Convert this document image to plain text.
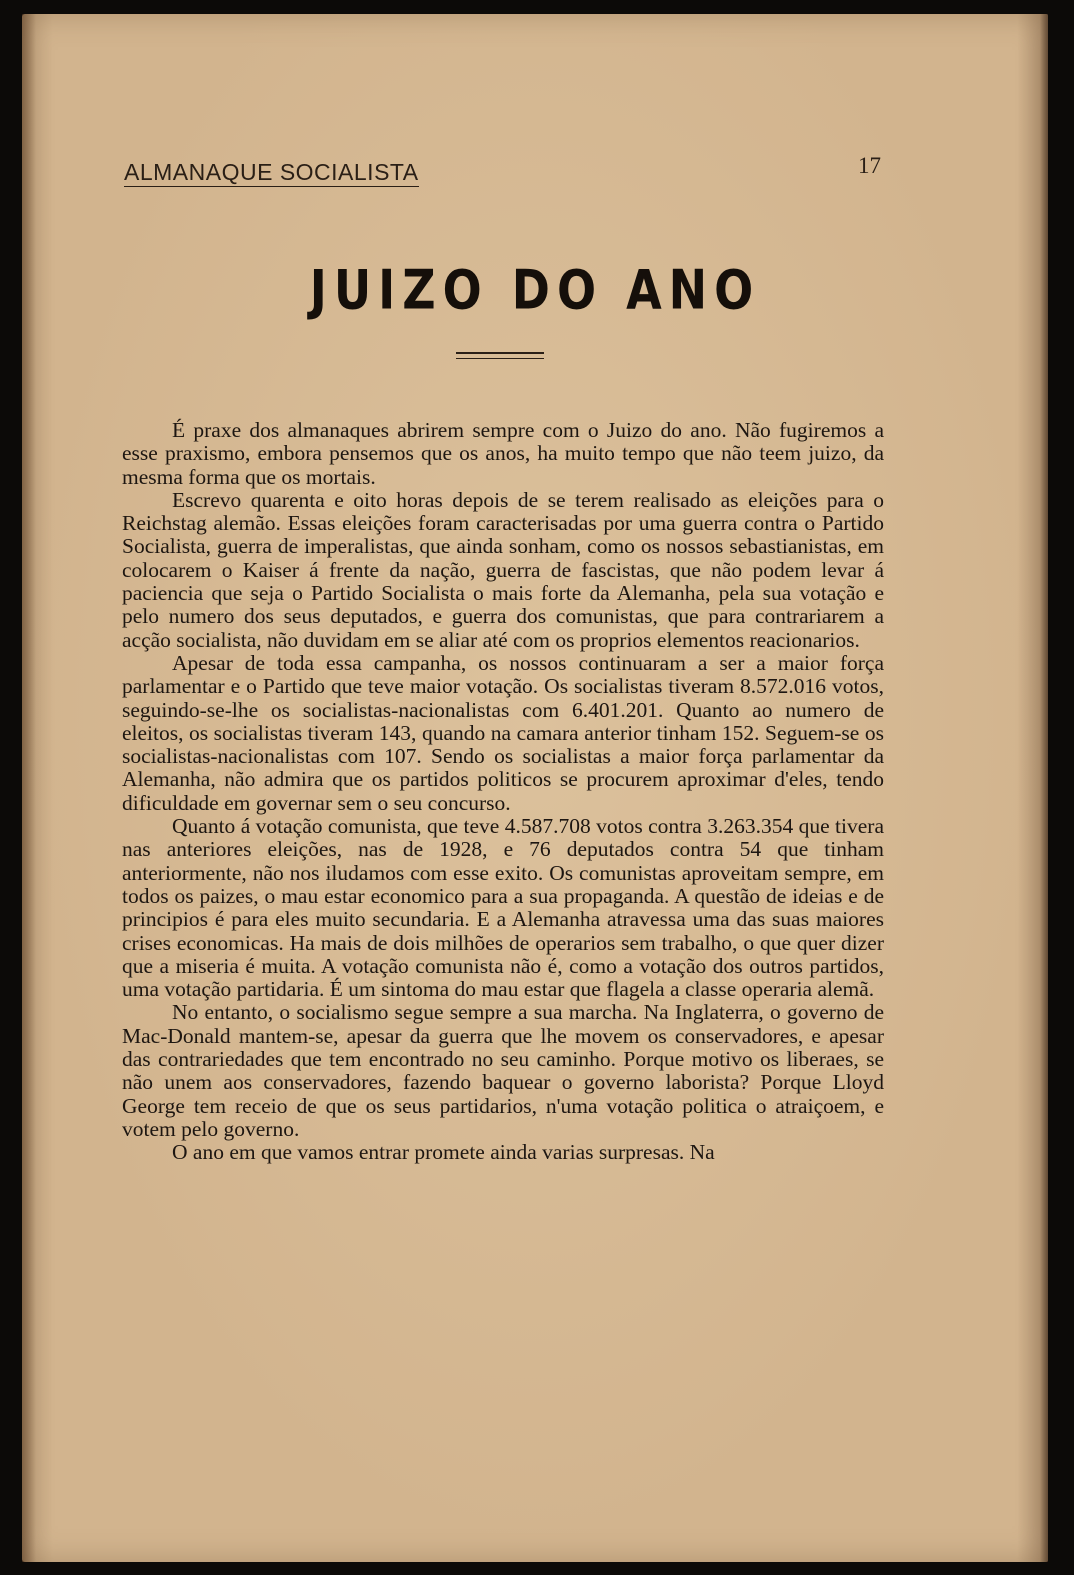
ALMANAQUE SOCIALISTA	17
JUIZO DO ANO

É praxe dos almanaques abrirem sempre com o Juizo do ano. Não fugiremos a esse praxismo, embora pensemos que os anos, ha muito tempo que não teem juizo, da mesma forma que os mortais.

Escrevo quarenta e oito horas depois de se terem realisado as eleições para o Reichstag alemão. Essas eleições foram caracterisadas por uma guerra contra o Partido Socialista, guerra de imperalistas, que ainda sonham, como os nossos sebastianistas, em colocarem o Kaiser á frente da nação, guerra de fascistas, que não podem levar á paciencia que seja o Partido Socialista o mais forte da Alemanha, pela sua votação e pelo numero dos seus deputados, e guerra dos comunistas, que para contrariarem a acção socialista, não duvidam em se aliar até com os proprios elementos reacionarios.

Apesar de toda essa campanha, os nossos continuaram a ser a maior força parlamentar e o Partido que teve maior votação. Os socialistas tiveram 8.572.016 votos, seguindo-se-lhe os socialistas-nacionalistas com 6.401.201. Quanto ao numero de eleitos, os socialistas tiveram 143, quando na camara anterior tinham 152. Seguem-se os socialistas-nacionalistas com 107. Sendo os socialistas a maior força parlamentar da Alemanha, não admira que os partidos politicos se procurem aproximar d'eles, tendo dificuldade em governar sem o seu concurso.

Quanto á votação comunista, que teve 4.587.708 votos contra 3.263.354 que tivera nas anteriores eleições, nas de 1928, e 76 deputados contra 54 que tinham anteriormente, não nos iludamos com esse exito. Os comunistas aproveitam sempre, em todos os paizes, o mau estar economico para a sua propaganda. A questão de ideias e de principios é para eles muito secundaria. E a Alemanha atravessa uma das suas maiores crises economicas. Ha mais de dois milhões de operarios sem trabalho, o que quer dizer que a miseria é muita. A votação comunista não é, como a votação dos outros partidos, uma votação partidaria. É um sintoma do mau estar que flagela a classe operaria alemã.

No entanto, o socialismo segue sempre a sua marcha. Na Inglaterra, o governo de Mac-Donald mantem-se, apesar da guerra que lhe movem os conservadores, e apesar das contrariedades que tem encontrado no seu caminho. Porque motivo os liberaes, se não unem aos conservadores, fazendo baquear o governo laborista? Porque Lloyd George tem receio de que os seus partidarios, n'uma votação politica o atraiçoem, e votem pelo governo.

O ano em que vamos entrar promete ainda varias surpresas. Na
